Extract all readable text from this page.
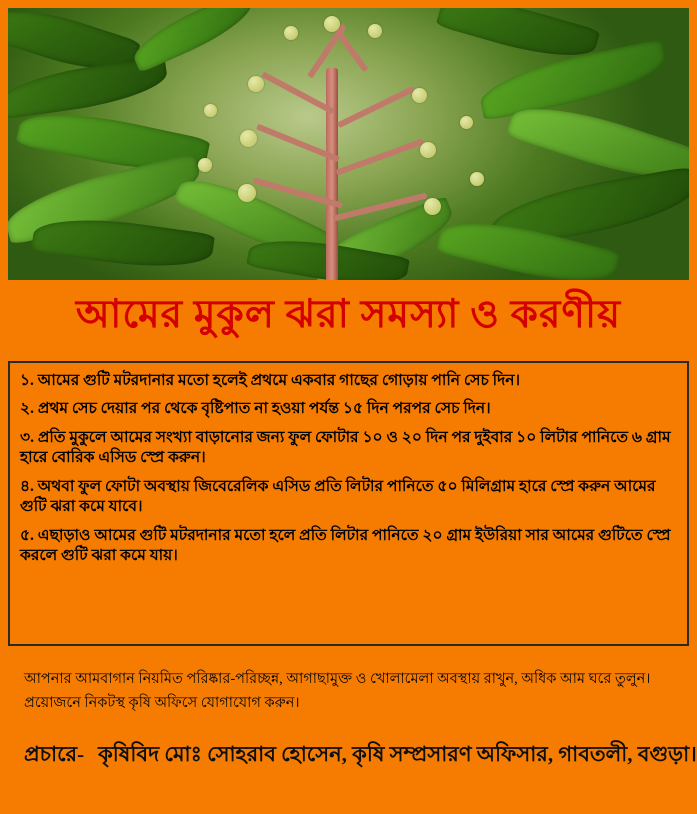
আমের মুকুল ঝরা সমস্যা ও করণীয়

১. আমের গুটি মটরদানার মতো হলেই প্রথমে একবার গাছের গোড়ায় পানি সেচ দিন।

২. প্রথম সেচ দেয়ার পর থেকে বৃষ্টিপাত না হওয়া পর্যন্ত ১৫ দিন পরপর সেচ দিন।

৩. প্রতি মুকুলে আমের সংখ্যা বাড়ানোর জন্য ফুল ফোটার ১০ ও ২০ দিন পর দুইবার ১০ লিটার পানিতে ৬ গ্রাম হারে বোরিক এসিড স্প্রে করুন।

৪. অথবা ফুল ফোটা অবস্থায় জিবেরেলিক এসিড প্রতি লিটার পানিতে ৫০ মিলিগ্রাম হারে স্প্রে করুন আমের গুটি ঝরা কমে যাবে।

৫. এছাড়াও আমের গুটি মটরদানার মতো হলে প্রতি লিটার পানিতে ২০ গ্রাম ইউরিয়া সার আমের গুটিতে স্প্রে করলে গুটি ঝরা কমে যায়।

আপনার আমবাগান নিয়মিত পরিষ্কার-পরিচ্ছন্ন, আগাছামুক্ত ও খোলামেলা অবস্থায় রাখুন, অধিক আম ঘরে তুলুন।

প্রয়োজনে নিকটস্থ কৃষি অফিসে যোগাযোগ করুন।

প্রচারে- কৃষিবিদ মোঃ সোহরাব হোসেন, কৃষি সম্প্রসারণ অফিসার, গাবতলী, বগুড়া।
